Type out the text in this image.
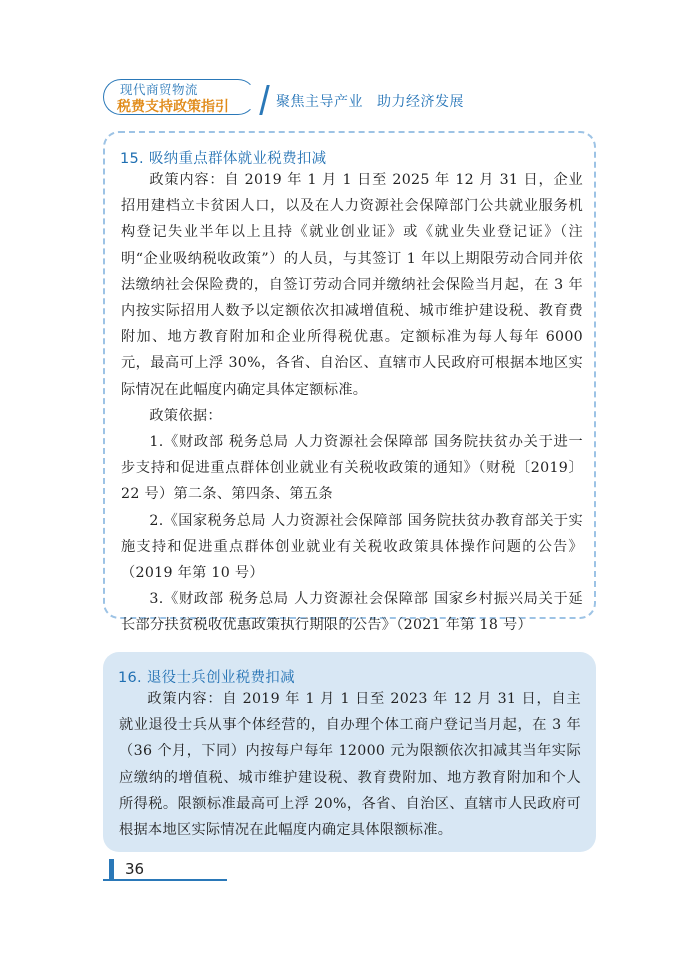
现代商贸物流
税费支持政策指引	聚焦主导产业 助力经济发展
15. 吸纳重点群体就业税费扣减

政策内容：自 2019 年 1 月 1 日至 2025 年 12 月 31 日，企业招用建档立卡贫困人口，以及在人力资源社会保障部门公共就业服务机构登记失业半年以上且持《就业创业证》或《就业失业登记证》（注明“企业吸纳税收政策”）的人员，与其签订 1 年以上期限劳动合同并依法缴纳社会保险费的，自签订劳动合同并缴纳社会保险当月起，在 3 年内按实际招用人数予以定额依次扣减增值税、城市维护建设税、教育费附加、地方教育附加和企业所得税优惠。定额标准为每人每年 6000 元，最高可上浮 30%，各省、自治区、直辖市人民政府可根据本地区实际情况在此幅度内确定具体定额标准。

政策依据：

1.《财政部 税务总局 人力资源社会保障部 国务院扶贫办关于进一步支持和促进重点群体创业就业有关税收政策的通知》（财税〔2019〕22 号）第二条、第四条、第五条

2.《国家税务总局 人力资源社会保障部 国务院扶贫办教育部关于实施支持和促进重点群体创业就业有关税收政策具体操作问题的公告》（2019 年第 10 号）

3.《财政部 税务总局 人力资源社会保障部 国家乡村振兴局关于延长部分扶贫税收优惠政策执行期限的公告》（2021 年第 18 号）

16. 退役士兵创业税费扣减

政策内容：自 2019 年 1 月 1 日至 2023 年 12 月 31 日，自主就业退役士兵从事个体经营的，自办理个体工商户登记当月起，在 3 年（36 个月，下同）内按每户每年 12000 元为限额依次扣减其当年实际应缴纳的增值税、城市维护建设税、教育费附加、地方教育附加和个人所得税。限额标准最高可上浮 20%，各省、自治区、直辖市人民政府可根据本地区实际情况在此幅度内确定具体限额标准。

36
